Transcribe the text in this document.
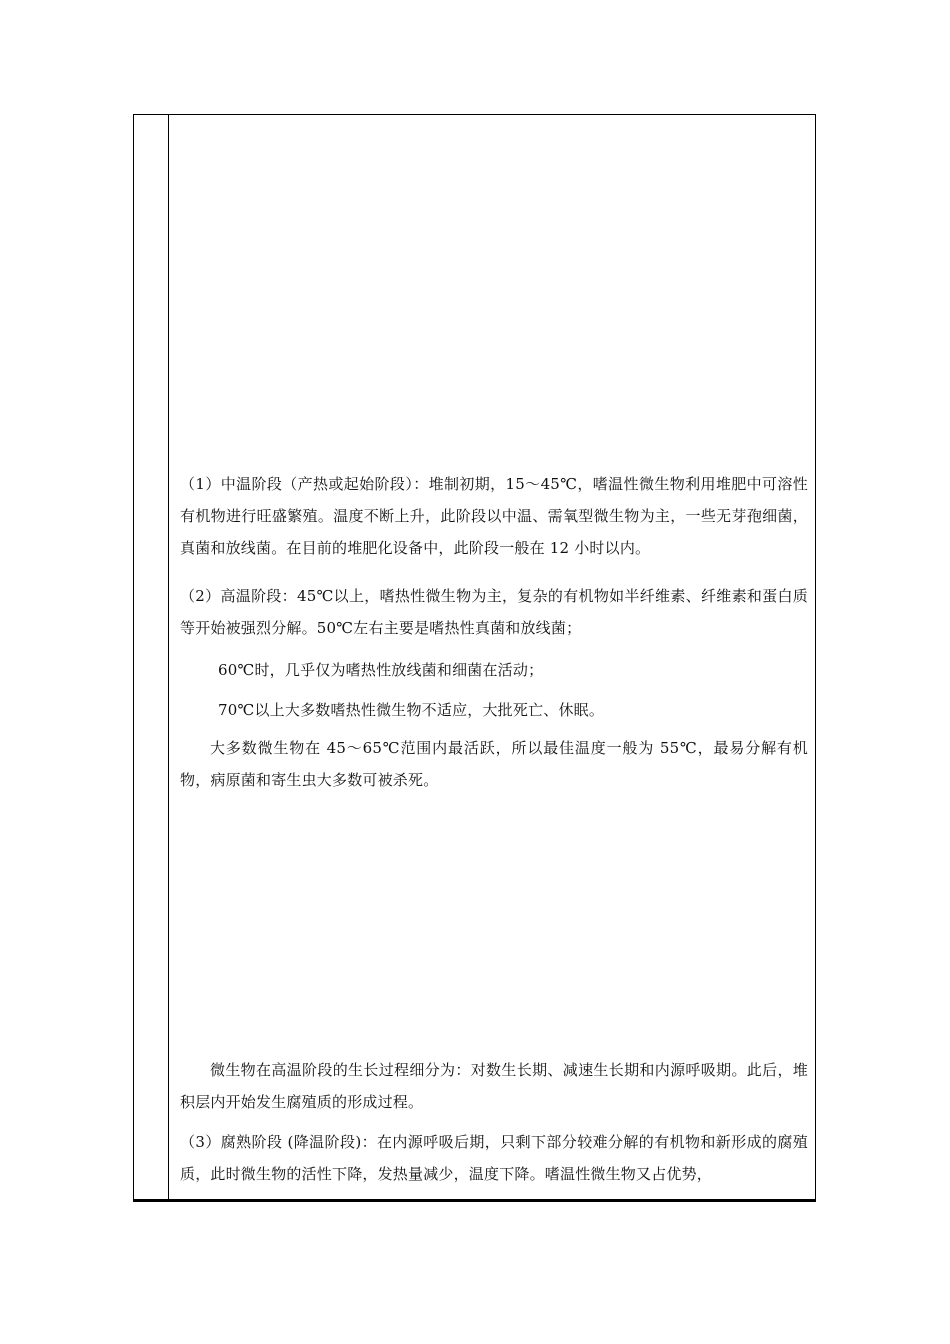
（1）中温阶段（产热或起始阶段）：堆制初期，15～45℃，嗜温性微生物利用堆肥中可溶性有机物进行旺盛繁殖。温度不断上升，此阶段以中温、需氧型微生物为主，一些无芽孢细菌，真菌和放线菌。在目前的堆肥化设备中，此阶段一般在 12 小时以内。

（2）高温阶段：45℃以上，嗜热性微生物为主，复杂的有机物如半纤维素、纤维素和蛋白质等开始被强烈分解。50℃左右主要是嗜热性真菌和放线菌；

60℃时，几乎仅为嗜热性放线菌和细菌在活动；

70℃以上大多数嗜热性微生物不适应，大批死亡、休眠。

大多数微生物在 45～65℃范围内最活跃，所以最佳温度一般为 55℃，最易分解有机物，病原菌和寄生虫大多数可被杀死。

微生物在高温阶段的生长过程细分为：对数生长期、减速生长期和内源呼吸期。此后，堆积层内开始发生腐殖质的形成过程。

（3）腐熟阶段 (降温阶段)：在内源呼吸后期，只剩下部分较难分解的有机物和新形成的腐殖质，此时微生物的活性下降，发热量减少，温度下降。嗜温性微生物又占优势，
